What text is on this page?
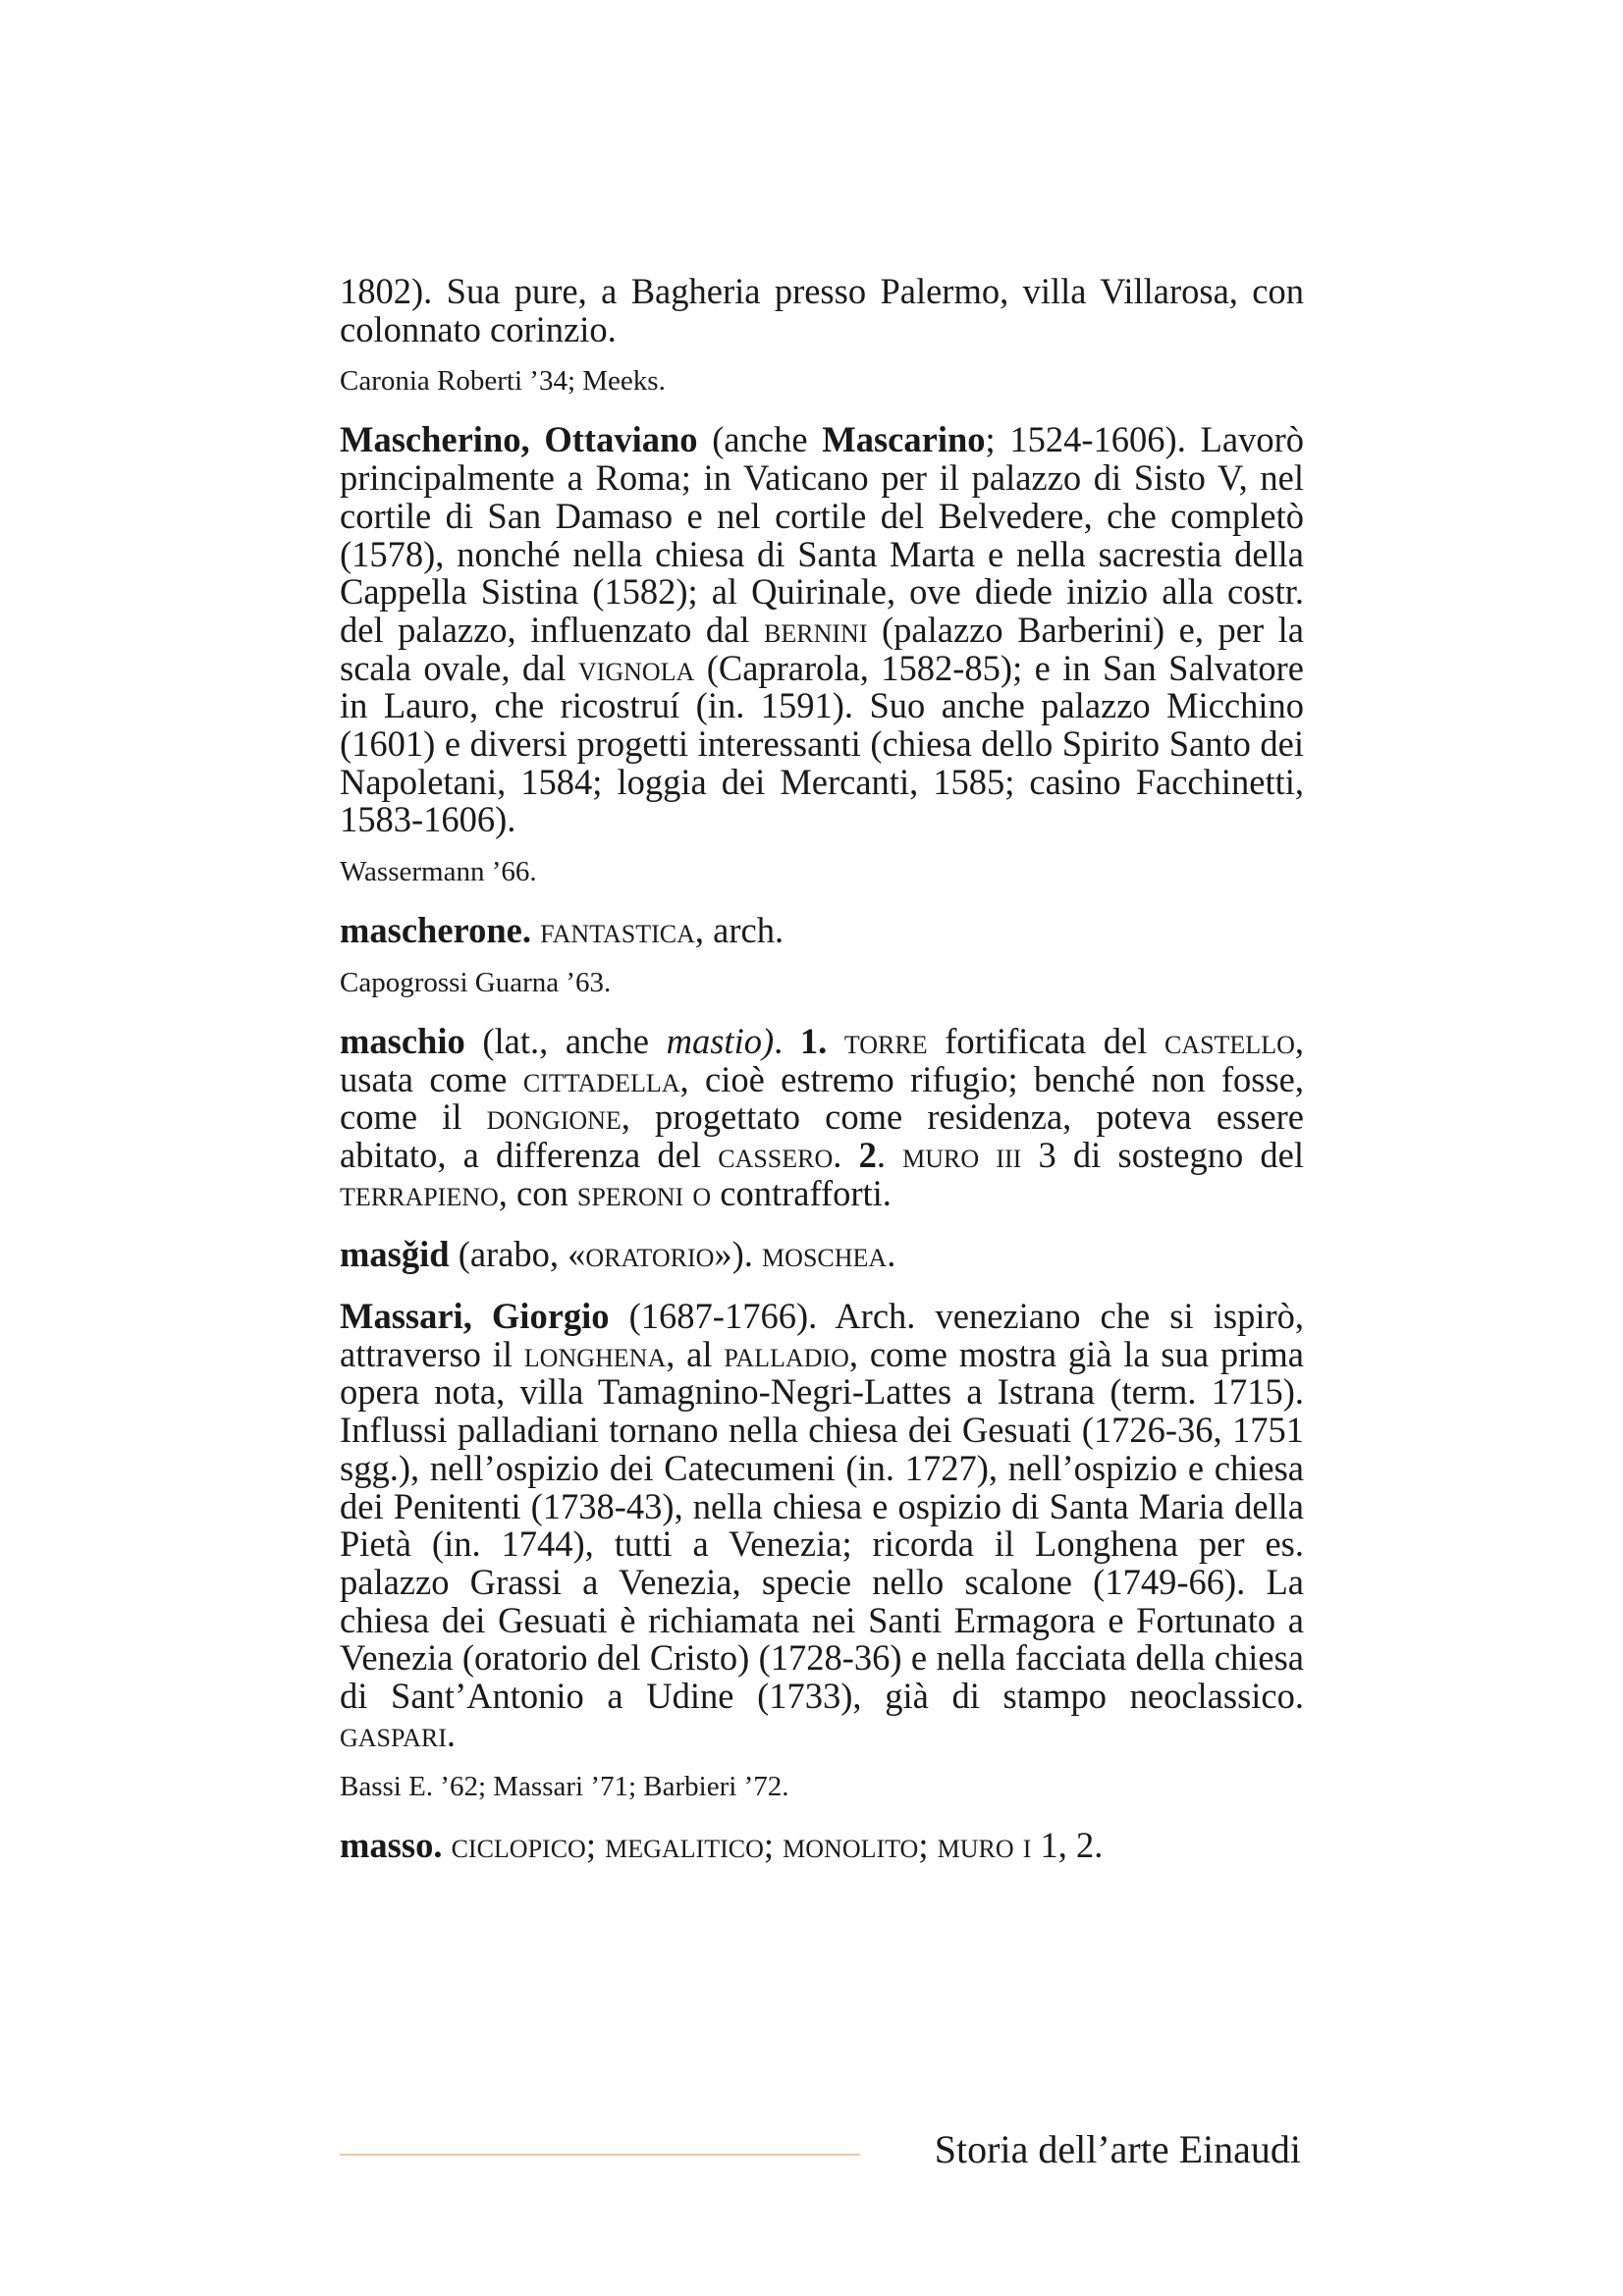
1802). Sua pure, a Bagheria presso Palermo, villa Villarosa, con colonnato corinzio.

Caronia Roberti ’34; Meeks.

Mascherino, Ottaviano (anche Mascarino; 1524-1606). Lavorò principalmente a Roma; in Vaticano per il palazzo di Sisto V, nel cortile di San Damaso e nel cortile del Belvedere, che completò (1578), nonché nella chiesa di Santa Marta e nella sacrestia della Cappella Sistina (1582); al Quirinale, ove diede inizio alla costr. del palazzo, influenzato dal bernini (palazzo Barberini) e, per la scala ovale, dal vignola (Caprarola, 1582-85); e in San Salvatore in Lauro, che ricostruí (in. 1591). Suo anche palazzo Micchino (1601) e diversi progetti interessanti (chiesa dello Spirito Santo dei Napoletani, 1584; loggia dei Mercanti, 1585; casino Facchinetti, 1583-1606).

Wassermann ’66.

mascherone. fantastica, arch.

Capogrossi Guarna ’63.

maschio (lat., anche mastio). 1. torre fortificata del castello, usata come cittadella, cioè estremo rifugio; benché non fosse, come il dongione, progettato come residenza, poteva essere abitato, a differenza del cassero. 2. muro iii 3 di sostegno del terrapieno, con speroni o contrafforti.

masǧid (arabo, «oratorio»). moschea.

Massari, Giorgio (1687-1766). Arch. veneziano che si ispirò, attraverso il longhena, al palladio, come mostra già la sua prima opera nota, villa Tamagnino-Negri-Lattes a Istrana (term. 1715). Influssi palladiani tornano nella chiesa dei Gesuati (1726-36, 1751 sgg.), nell’ospizio dei Catecumeni (in. 1727), nell’ospizio e chiesa dei Penitenti (1738-43), nella chiesa e ospizio di Santa Maria della Pietà (in. 1744), tutti a Venezia; ricorda il Longhena per es. palazzo Grassi a Venezia, specie nello scalone (1749-66). La chiesa dei Gesuati è richiamata nei Santi Ermagora e Fortunato a Venezia (oratorio del Cristo) (1728-36) e nella facciata della chiesa di Sant’Antonio a Udine (1733), già di stampo neoclassico. gaspari.

Bassi E. ’62; Massari ’71; Barbieri ’72.

masso. ciclopico; megalitico; monolito; muro i 1, 2.

Storia dell’arte Einaudi
